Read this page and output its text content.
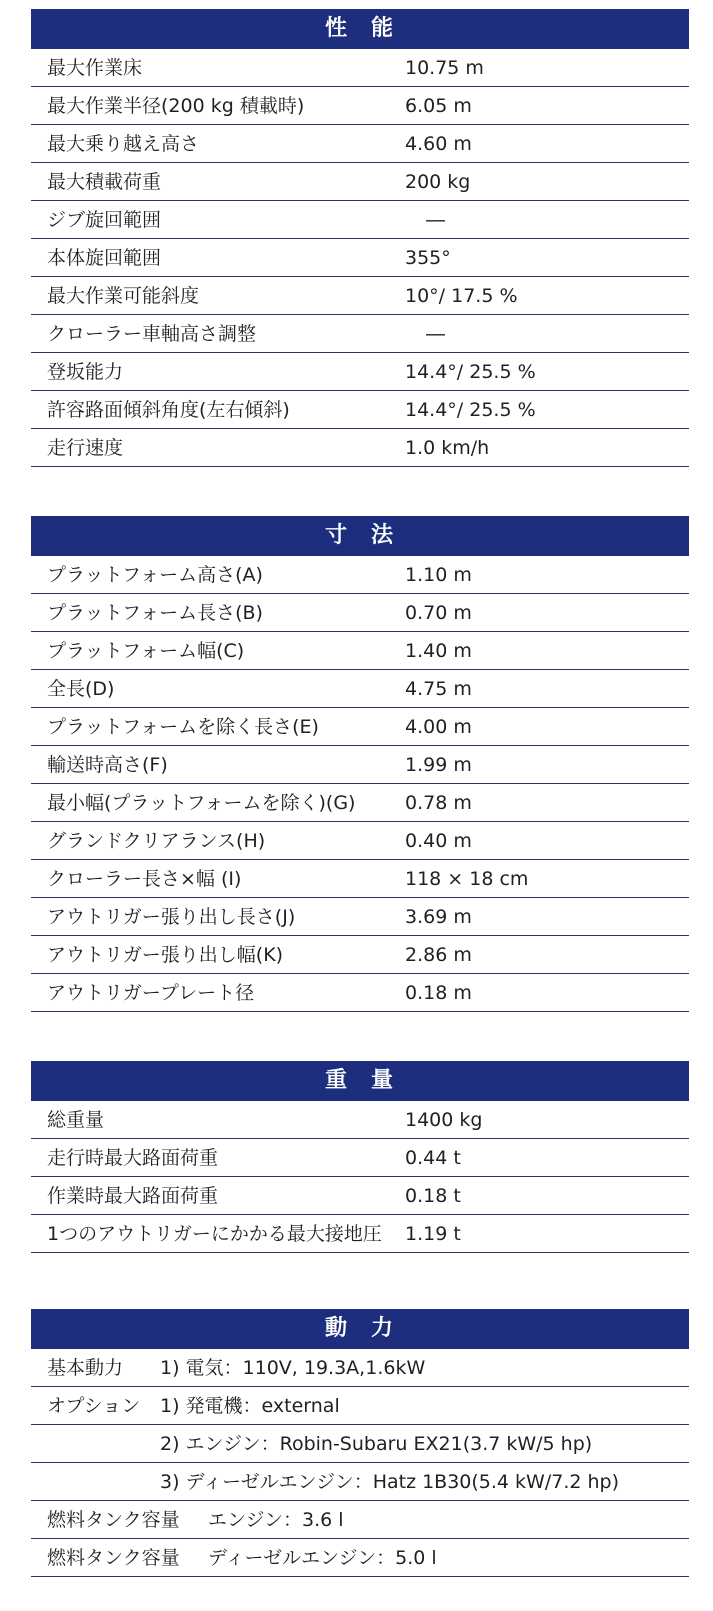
性 能
最大作業床	10.75 m
最大作業半径(200 kg 積載時)	6.05 m
最大乗り越え高さ	4.60 m
最大積載荷重	200 kg
ジブ旋回範囲	―
本体旋回範囲	355°
最大作業可能斜度	10°/ 17.5 %
クローラー車軸高さ調整	―
登坂能力	14.4°/ 25.5 %
許容路面傾斜角度(左右傾斜)	14.4°/ 25.5 %
走行速度	1.0 km/h
寸 法
プラットフォーム高さ(A)	1.10 m
プラットフォーム長さ(B)	0.70 m
プラットフォーム幅(C)	1.40 m
全長(D)	4.75 m
プラットフォームを除く長さ(E)	4.00 m
輸送時高さ(F)	1.99 m
最小幅(プラットフォームを除く)(G)	0.78 m
グランドクリアランス(H)	0.40 m
クローラー長さ×幅 (I)	118 × 18 cm
アウトリガー張り出し長さ(J)	3.69 m
アウトリガー張り出し幅(K)	2.86 m
アウトリガープレート径	0.18 m
重 量
総重量	1400 kg
走行時最大路面荷重	0.44 t
作業時最大路面荷重	0.18 t
1つのアウトリガーにかかる最大接地圧 1.19 t
動 力
基本動力 1) 電気：110V, 19.3A,1.6kW
オプション 1) 発電機：external
2) エンジン：Robin-Subaru EX21(3.7 kW/5 hp)
3) ディーゼルエンジン：Hatz 1B30(5.4 kW/7.2 hp)
燃料タンク容量 エンジン：3.6 l
燃料タンク容量 ディーゼルエンジン：5.0 l
